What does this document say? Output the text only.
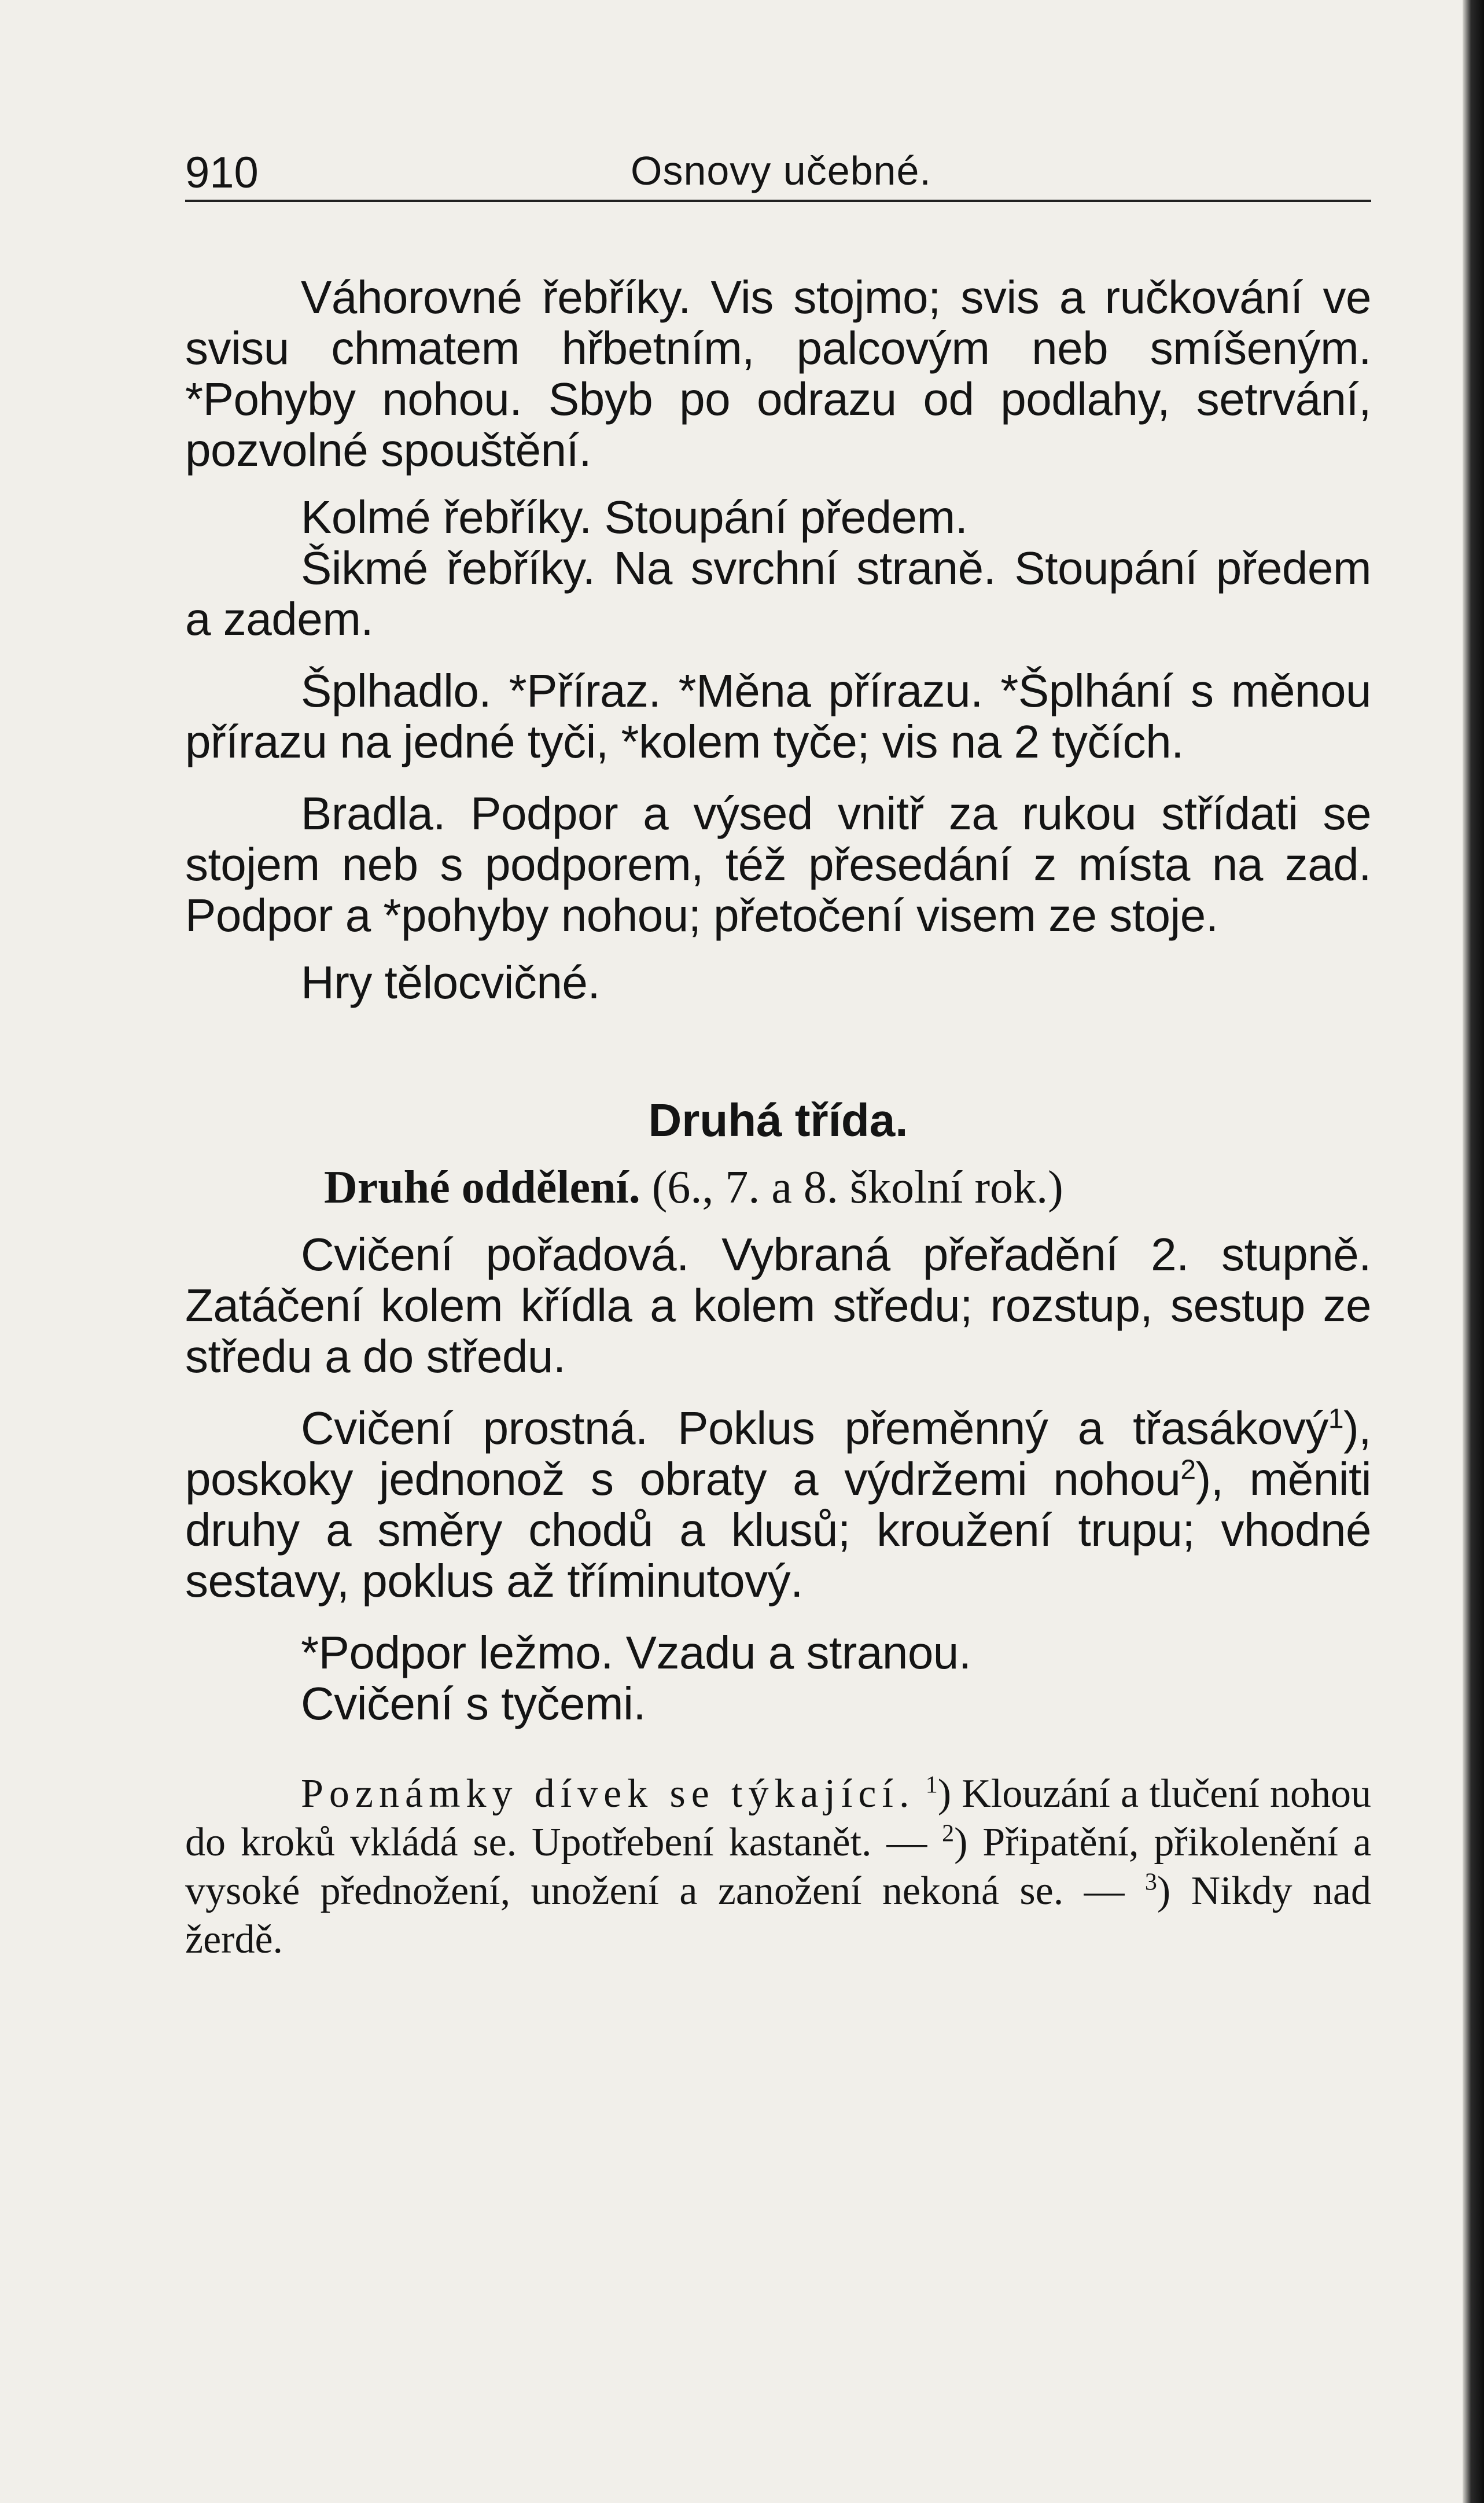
910	Osnovy učebné.

Váhorovné řebříky. Vis stojmo; svis a ručkování ve svisu chmatem hřbetním, palcovým neb smíšeným. *Pohyby nohou. Sbyb po odrazu od podlahy, setrvání, pozvolné spouštění.

Kolmé řebříky. Stoupání předem.

Šikmé řebříky. Na svrchní straně. Stoupání předem a zadem.

Šplhadlo. *Příraz. *Měna přírazu. *Šplhání s měnou přírazu na jedné tyči, *kolem tyče; vis na 2 tyčích.

Bradla. Podpor a výsed vnitř za rukou střídati se stojem neb s podporem, též přesedání z místa na zad. Podpor a *pohyby nohou; přetočení visem ze stoje.

Hry tělocvičné.

Druhá třída.

Druhé oddělení. (6., 7. a 8. školní rok.)

Cvičení pořadová. Vybraná přeřadění 2. stupně. Zatáčení kolem křídla a kolem středu; rozstup, sestup ze středu a do středu.

Cvičení prostná. Poklus přeměnný a třasákový$^1$), poskoky jednonož s obraty a výdržemi nohou$^2$), měniti druhy a směry chodů a klusů; kroužení trupu; vhodné sestavy, poklus až tříminutový.

*Podpor ležmo. Vzadu a stranou.

Cvičení s tyčemi.

Poznámky dívek se týkající. $^1$) Klouzání a tlučení nohou do kroků vkládá se. Upotřebení kastanět. — $^2$) Připatění, přikolenění a vysoké přednožení, unožení a zanožení nekoná se. — $^3$) Nikdy nad žerdě.
